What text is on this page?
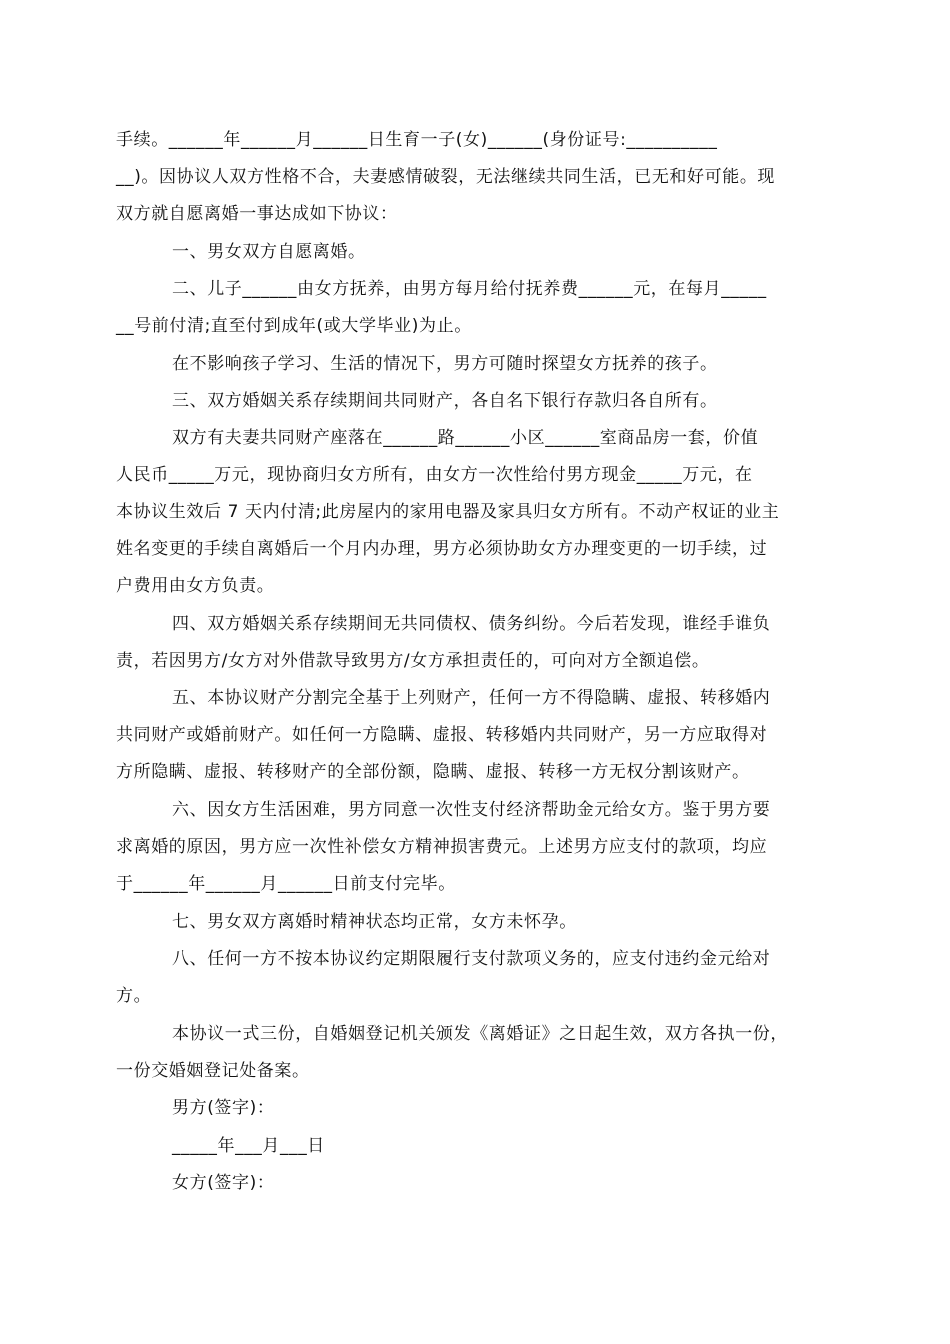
手续。______年______月______日生育一子(女)______(身份证号:__________
__)。因协议人双方性格不合，夫妻感情破裂，无法继续共同生活，已无和好可能。现
双方就自愿离婚一事达成如下协议：
一、男女双方自愿离婚。
二、儿子______由女方抚养，由男方每月给付抚养费______元，在每月_____
__号前付清;直至付到成年(或大学毕业)为止。
在不影响孩子学习、生活的情况下，男方可随时探望女方抚养的孩子。
三、双方婚姻关系存续期间共同财产，各自名下银行存款归各自所有。
双方有夫妻共同财产座落在______路______小区______室商品房一套，价值
人民币_____万元，现协商归女方所有，由女方一次性给付男方现金_____万元，在
本协议生效后 7 天内付清;此房屋内的家用电器及家具归女方所有。不动产权证的业主
姓名变更的手续自离婚后一个月内办理，男方必须协助女方办理变更的一切手续，过
户费用由女方负责。
四、双方婚姻关系存续期间无共同债权、债务纠纷。今后若发现，谁经手谁负
责，若因男方/女方对外借款导致男方/女方承担责任的，可向对方全额追偿。
五、本协议财产分割完全基于上列财产，任何一方不得隐瞒、虚报、转移婚内
共同财产或婚前财产。如任何一方隐瞒、虚报、转移婚内共同财产，另一方应取得对
方所隐瞒、虚报、转移财产的全部份额，隐瞒、虚报、转移一方无权分割该财产。
六、因女方生活困难，男方同意一次性支付经济帮助金元给女方。鉴于男方要
求离婚的原因，男方应一次性补偿女方精神损害费元。上述男方应支付的款项，均应
于______年______月______日前支付完毕。
七、男女双方离婚时精神状态均正常，女方未怀孕。
八、任何一方不按本协议约定期限履行支付款项义务的，应支付违约金元给对
方。
本协议一式三份，自婚姻登记机关颁发《离婚证》之日起生效，双方各执一份，
一份交婚姻登记处备案。
男方(签字)：
_____年___月___日
女方(签字)：
